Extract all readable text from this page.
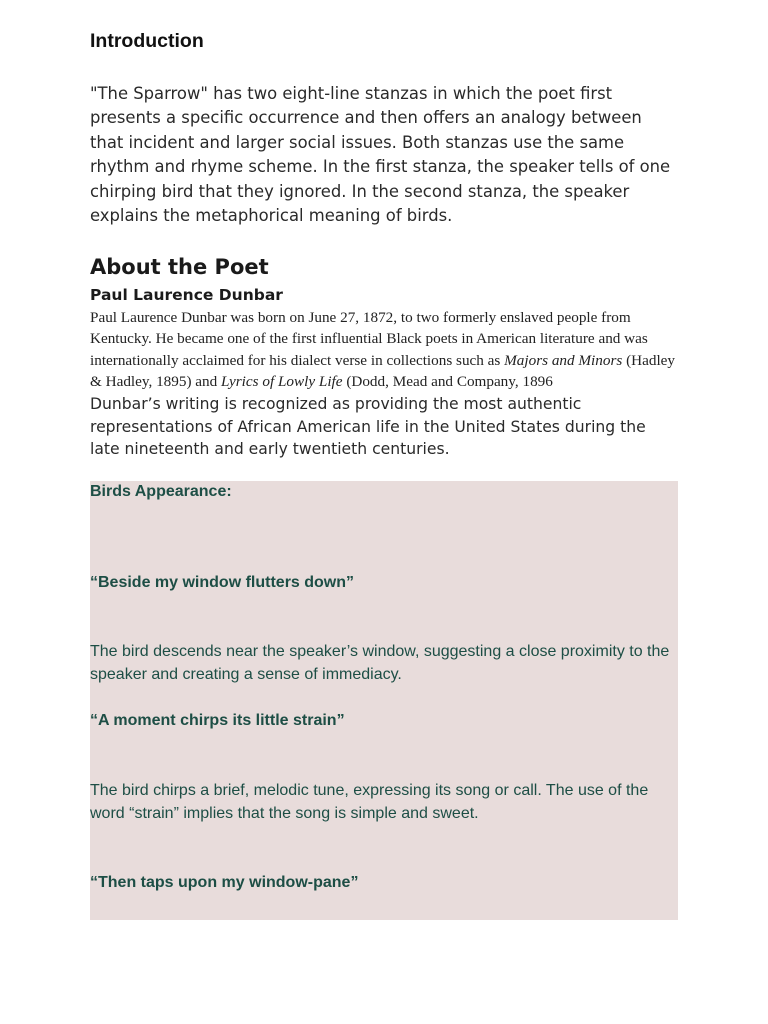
Introduction

"The Sparrow" has two eight-line stanzas in which the poet first presents a specific occurrence and then offers an analogy between that incident and larger social issues. Both stanzas use the same rhythm and rhyme scheme. In the first stanza, the speaker tells of one chirping bird that they ignored. In the second stanza, the speaker explains the metaphorical meaning of birds.

About the Poet
Paul Laurence Dunbar

Paul Laurence Dunbar was born on June 27, 1872, to two formerly enslaved people from Kentucky. He became one of the first influential Black poets in American literature and was internationally acclaimed for his dialect verse in collections such as Majors and Minors (Hadley & Hadley, 1895) and Lyrics of Lowly Life (Dodd, Mead and Company, 1896

Dunbar’s writing is recognized as providing the most authentic representations of African American life in the United States during the late nineteenth and early twentieth centuries.

Birds Appearance:
“Beside my window flutters down”

The bird descends near the speaker’s window, suggesting a close proximity to the speaker and creating a sense of immediacy.

“A moment chirps its little strain”

The bird chirps a brief, melodic tune, expressing its song or call. The use of the word “strain” implies that the song is simple and sweet.

“Then taps upon my window-pane”
